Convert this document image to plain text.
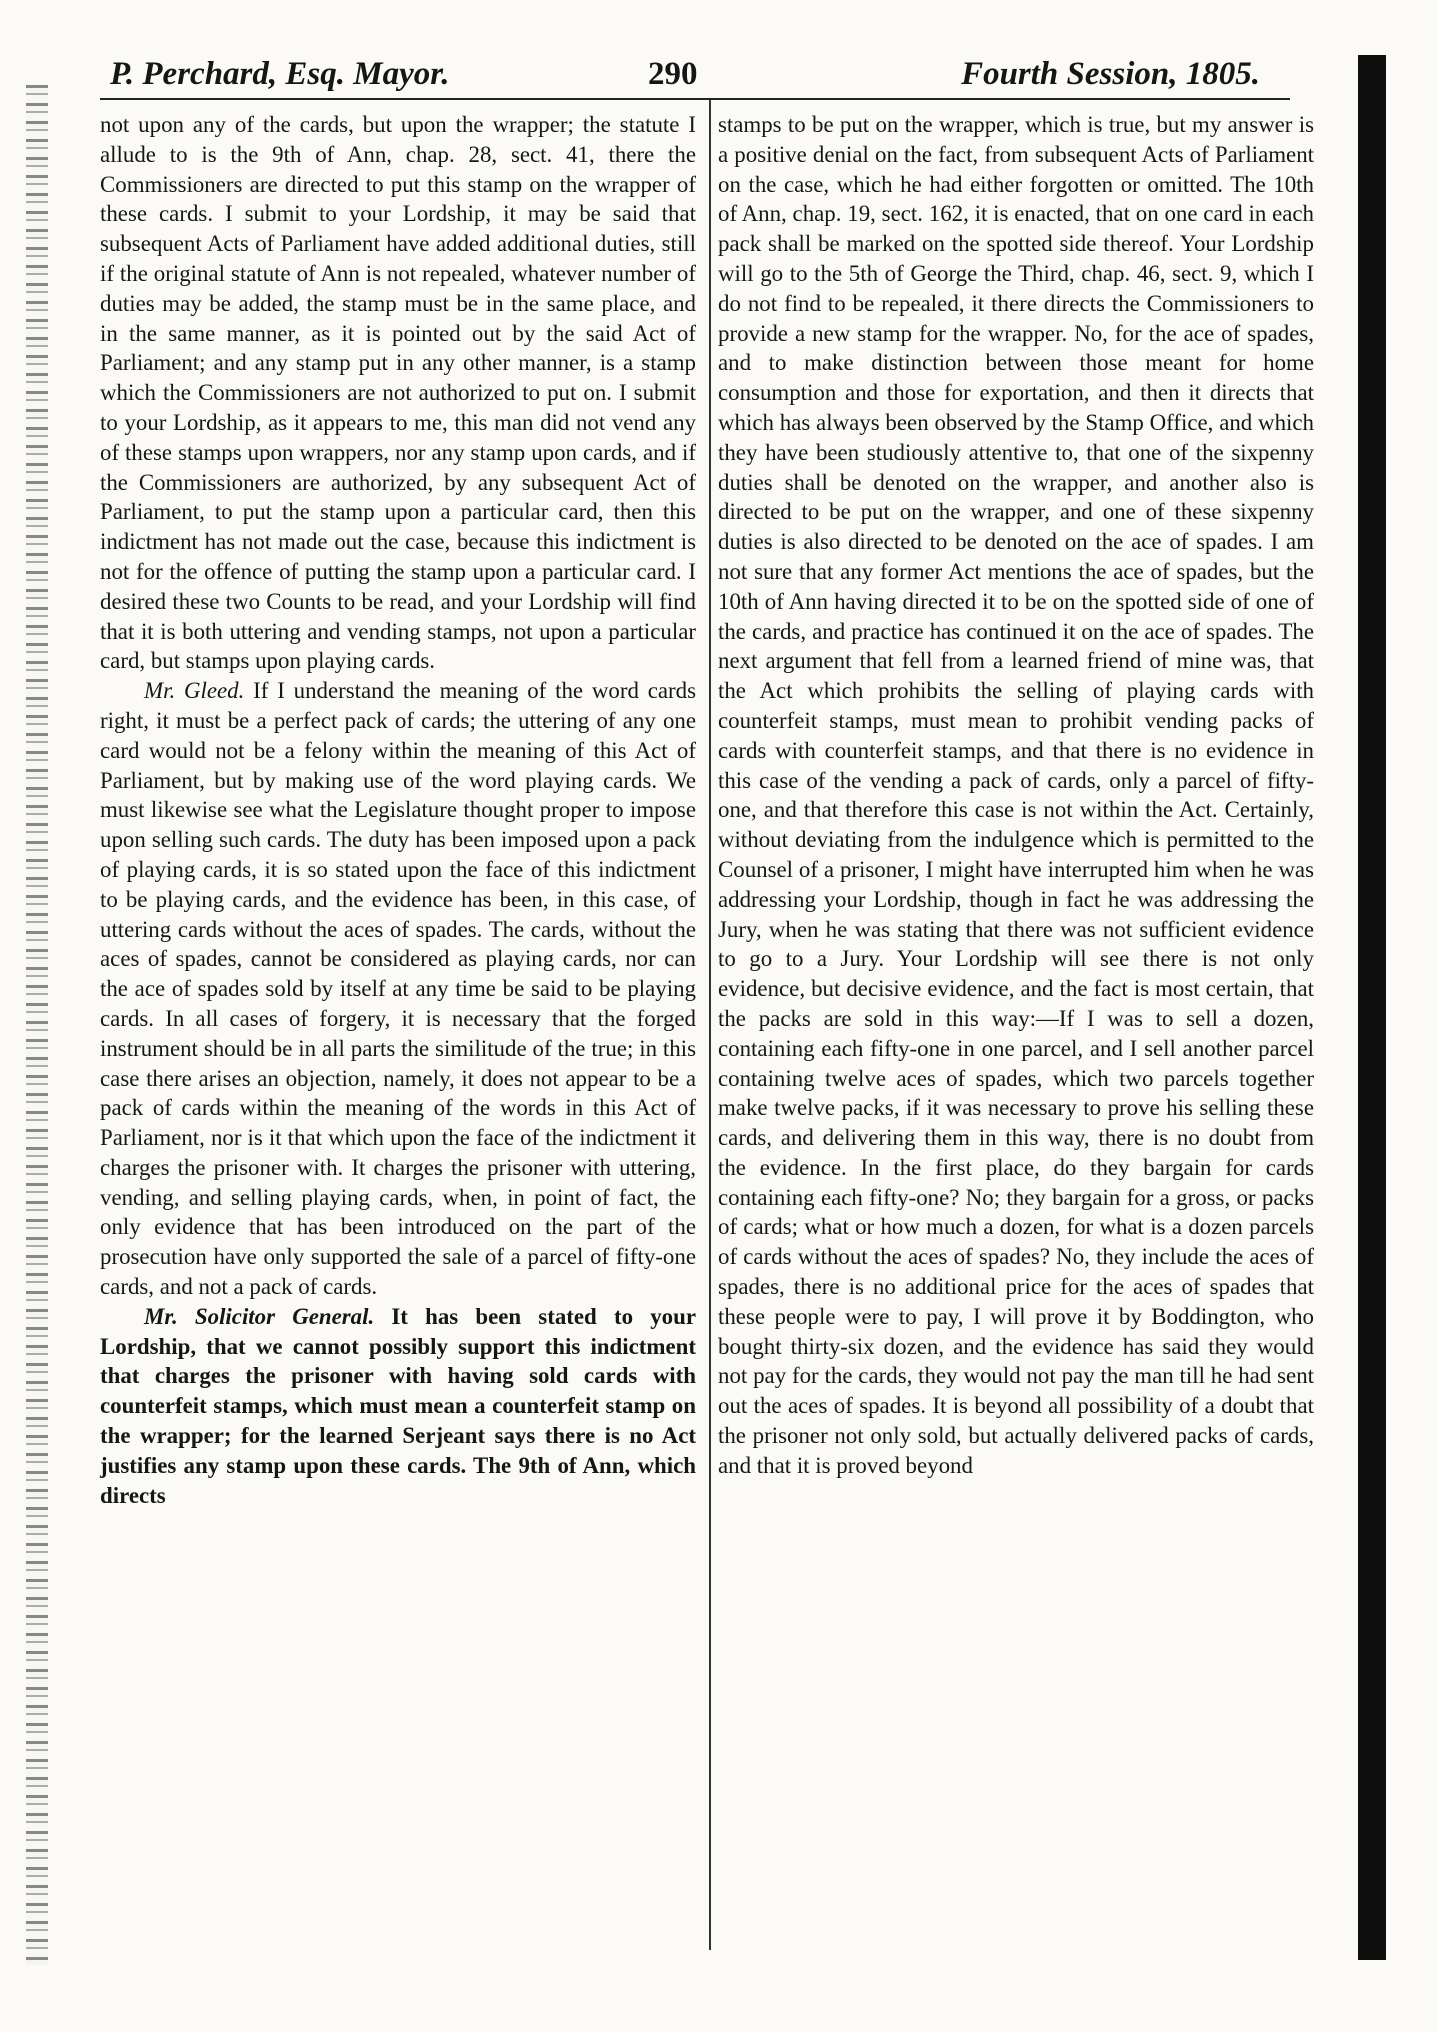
P. Perchard, Esq. Mayor.	290	Fourth Session, 1805.

not upon any of the cards, but upon the wrapper; the statute I allude to is the 9th of Ann, chap. 28, sect. 41, there the Commissioners are directed to put this stamp on the wrapper of these cards. I submit to your Lordship, it may be said that subsequent Acts of Parliament have added additional duties, still if the original statute of Ann is not repealed, whatever number of duties may be added, the stamp must be in the same place, and in the same manner, as it is pointed out by the said Act of Parliament; and any stamp put in any other manner, is a stamp which the Commissioners are not authorized to put on. I submit to your Lordship, as it appears to me, this man did not vend any of these stamps upon wrappers, nor any stamp upon cards, and if the Commissioners are authorized, by any subsequent Act of Parliament, to put the stamp upon a particular card, then this indictment has not made out the case, because this indictment is not for the offence of putting the stamp upon a particular card. I desired these two Counts to be read, and your Lordship will find that it is both uttering and vending stamps, not upon a particular card, but stamps upon playing cards.

Mr. Gleed. If I understand the meaning of the word cards right, it must be a perfect pack of cards; the uttering of any one card would not be a felony within the meaning of this Act of Parliament, but by making use of the word playing cards. We must likewise see what the Legislature thought proper to impose upon selling such cards. The duty has been imposed upon a pack of playing cards, it is so stated upon the face of this indictment to be playing cards, and the evidence has been, in this case, of uttering cards without the aces of spades. The cards, without the aces of spades, cannot be considered as playing cards, nor can the ace of spades sold by itself at any time be said to be playing cards. In all cases of forgery, it is necessary that the forged instrument should be in all parts the similitude of the true; in this case there arises an objection, namely, it does not appear to be a pack of cards within the meaning of the words in this Act of Parliament, nor is it that which upon the face of the indictment it charges the prisoner with. It charges the prisoner with uttering, vending, and selling playing cards, when, in point of fact, the only evidence that has been introduced on the part of the prosecution have only supported the sale of a parcel of fifty-one cards, and not a pack of cards.

Mr. Solicitor General. It has been stated to your Lordship, that we cannot possibly support this indictment that charges the prisoner with having sold cards with counterfeit stamps, which must mean a counterfeit stamp on the wrapper; for the learned Serjeant says there is no Act justifies any stamp upon these cards. The 9th of Ann, which directs

stamps to be put on the wrapper, which is true, but my answer is a positive denial on the fact, from subsequent Acts of Parliament on the case, which he had either forgotten or omitted. The 10th of Ann, chap. 19, sect. 162, it is enacted, that on one card in each pack shall be marked on the spotted side thereof. Your Lordship will go to the 5th of George the Third, chap. 46, sect. 9, which I do not find to be repealed, it there directs the Commissioners to provide a new stamp for the wrapper. No, for the ace of spades, and to make distinction between those meant for home consumption and those for exportation, and then it directs that which has always been observed by the Stamp Office, and which they have been studiously attentive to, that one of the sixpenny duties shall be denoted on the wrapper, and another also is directed to be put on the wrapper, and one of these sixpenny duties is also directed to be denoted on the ace of spades. I am not sure that any former Act mentions the ace of spades, but the 10th of Ann having directed it to be on the spotted side of one of the cards, and practice has continued it on the ace of spades. The next argument that fell from a learned friend of mine was, that the Act which prohibits the selling of playing cards with counterfeit stamps, must mean to prohibit vending packs of cards with counterfeit stamps, and that there is no evidence in this case of the vending a pack of cards, only a parcel of fifty-one, and that therefore this case is not within the Act. Certainly, without deviating from the indulgence which is permitted to the Counsel of a prisoner, I might have interrupted him when he was addressing your Lordship, though in fact he was addressing the Jury, when he was stating that there was not sufficient evidence to go to a Jury. Your Lordship will see there is not only evidence, but decisive evidence, and the fact is most certain, that the packs are sold in this way:—If I was to sell a dozen, containing each fifty-one in one parcel, and I sell another parcel containing twelve aces of spades, which two parcels together make twelve packs, if it was necessary to prove his selling these cards, and delivering them in this way, there is no doubt from the evidence. In the first place, do they bargain for cards containing each fifty-one? No; they bargain for a gross, or packs of cards; what or how much a dozen, for what is a dozen parcels of cards without the aces of spades? No, they include the aces of spades, there is no additional price for the aces of spades that these people were to pay, I will prove it by Boddington, who bought thirty-six dozen, and the evidence has said they would not pay for the cards, they would not pay the man till he had sent out the aces of spades. It is beyond all possibility of a doubt that the prisoner not only sold, but actually delivered packs of cards, and that it is proved beyond
